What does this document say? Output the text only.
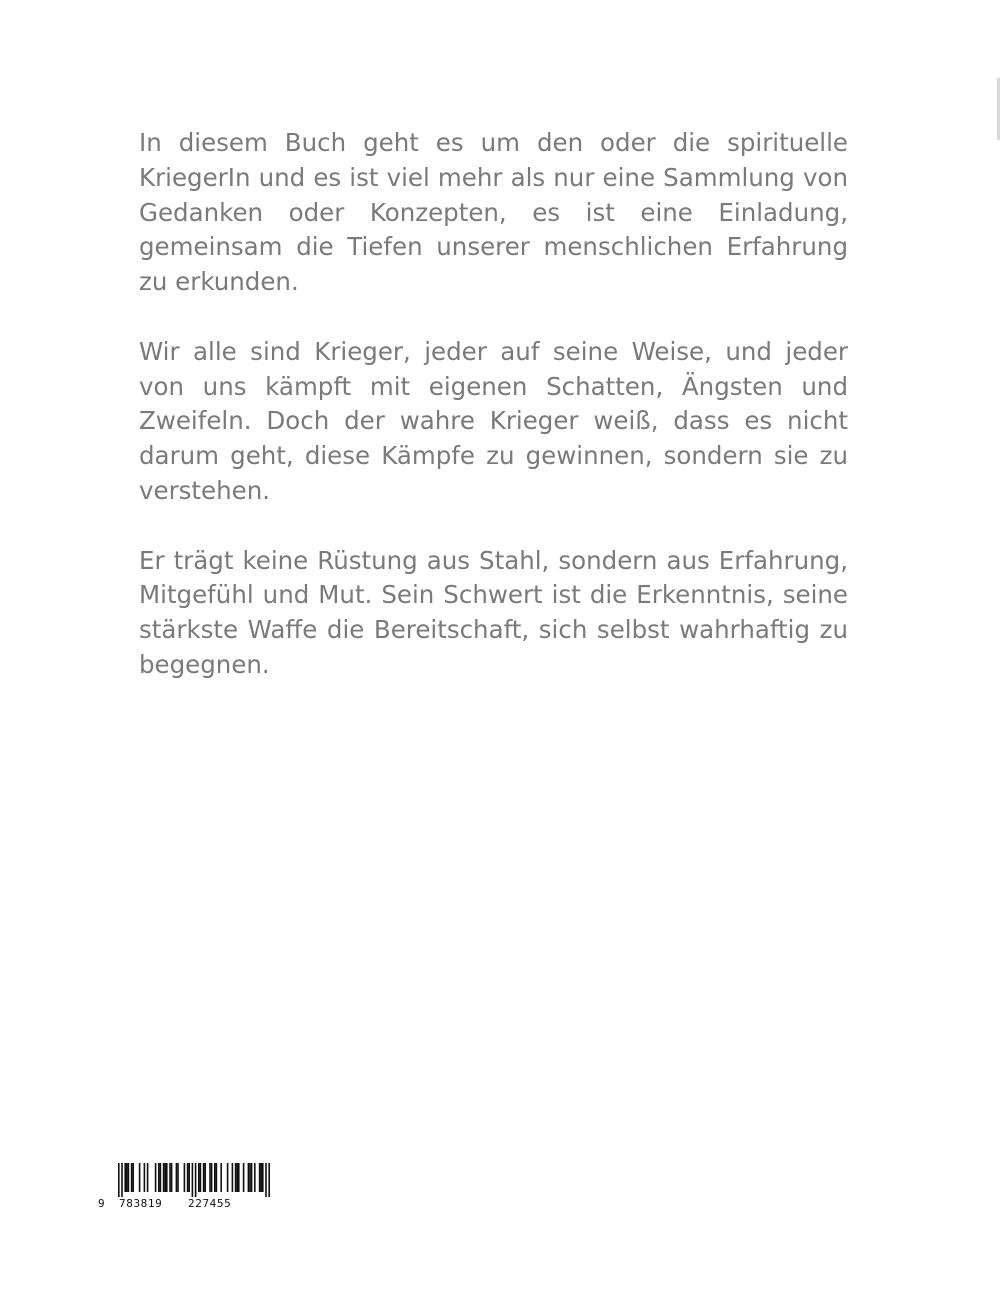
In diesem Buch geht es um den oder die spirituelle KriegerIn und es ist viel mehr als nur eine Sammlung von Gedanken oder Konzepten, es ist eine Einladung, gemeinsam die Tiefen unserer menschlichen Erfahrung zu erkunden.

Wir alle sind Krieger, jeder auf seine Weise, und jeder von uns kämpft mit eigenen Schatten, Ängsten und Zweifeln. Doch der wahre Krieger weiß, dass es nicht darum geht, diese Kämpfe zu gewinnen, sondern sie zu verstehen.

Er trägt keine Rüstung aus Stahl, sondern aus Erfahrung, Mitgefühl und Mut. Sein Schwert ist die Erkenntnis, seine stärkste Waffe die Bereitschaft, sich selbst wahrhaftig zu begegnen.

9 783819 227455
